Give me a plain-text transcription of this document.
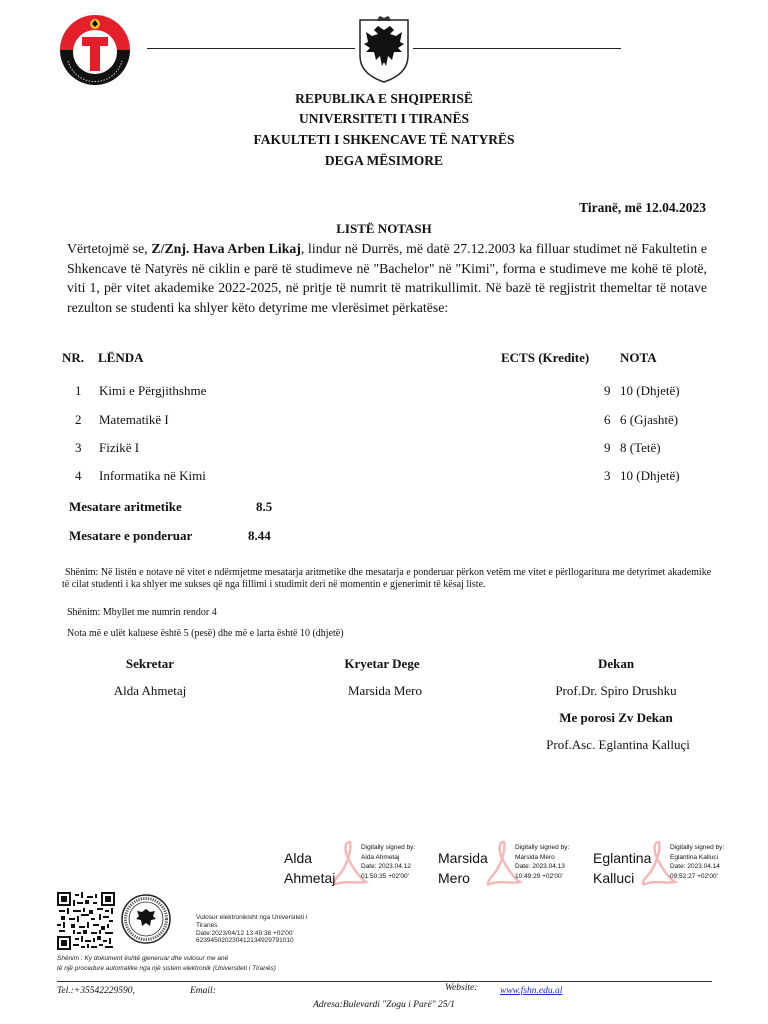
REPUBLIKA E SHQIPERISË
UNIVERSITETI I TIRANËS
FAKULTETI I SHKENCAVE TË NATYRËS
DEGA MËSIMORE
Tiranë, më 12.04.2023
LISTË NOTASH
Vërtetojmë se, Z/Znj. Hava Arben Likaj, lindur në Durrës, më datë 27.12.2003 ka filluar studimet në Fakultetin e Shkencave të Natyrës në ciklin e parë të studimeve në "Bachelor" në "Kimi", forma e studimeve me kohë të plotë, viti 1, për vitet akademike 2022-2025, në pritje të numrit të matrikullimit. Në bazë të regjistrit themeltar të notave rezulton se studenti ka shlyer këto detyrime me vlerësimet përkatëse:
NR. LËNDA	ECTS (Kredite) NOTA
1 Kimi e Përgjithshme	9 10 (Dhjetë)
2 Matematikë I	6 6 (Gjashtë)
3 Fizikë I	9 8 (Tetë)
4 Informatika në Kimi	3 10 (Dhjetë)
Mesatare aritmetike	8.5
Mesatare e ponderuar	8.44
Shënim: Në listën e notave në vitet e ndërmjetme mesatarja aritmetike dhe mesatarja e ponderuar përkon vetëm me vitet e përllogaritura me detyrimet akademike të cilat studenti i ka shlyer me sukses që nga fillimi i studimit deri në momentin e gjenerimit të kësaj liste.
Shënim: Mbyllet me numrin rendor 4
Nota më e ulët kaluese është 5 (pesë) dhe më e larta është 10 (dhjetë)
Sekretar
Alda Ahmetaj
Kryetar Dege
Marsida Mero
Dekan
Prof.Dr. Spiro Drushku
Me porosi Zv Dekan
Prof.Asc. Eglantina Kalluçi
Alda
Ahmetaj
Digitally signed by:
Alda Ahmetaj
Date: 2023.04.12
01:50:35 +02'00'
Marsida
Mero
Digitally signed by:
Marsida Mero
Date: 2023.04.13
10:49:29 +02'00'
Eglantina
Kalluci
Digitally signed by:
Eglantina Kalluci
Date: 2023.04.14
09:52:27 +02'00'
Vulosur elektronikisht nga Universiteti i
Tiranës
Date:2023/04/12 13:49:38 +02'00'
623945020230412134929791010
Shënim : Ky dokument është gjeneruar dhe vulosur me anë
të një procedure automatike nga një sistem elektronik (Universiteti i Tiranës)
Tel.:+35542229590,	Email:	Website: www.fshn.edu.al
Adresa:Bulevardi "Zogu i Parë" 25/1
